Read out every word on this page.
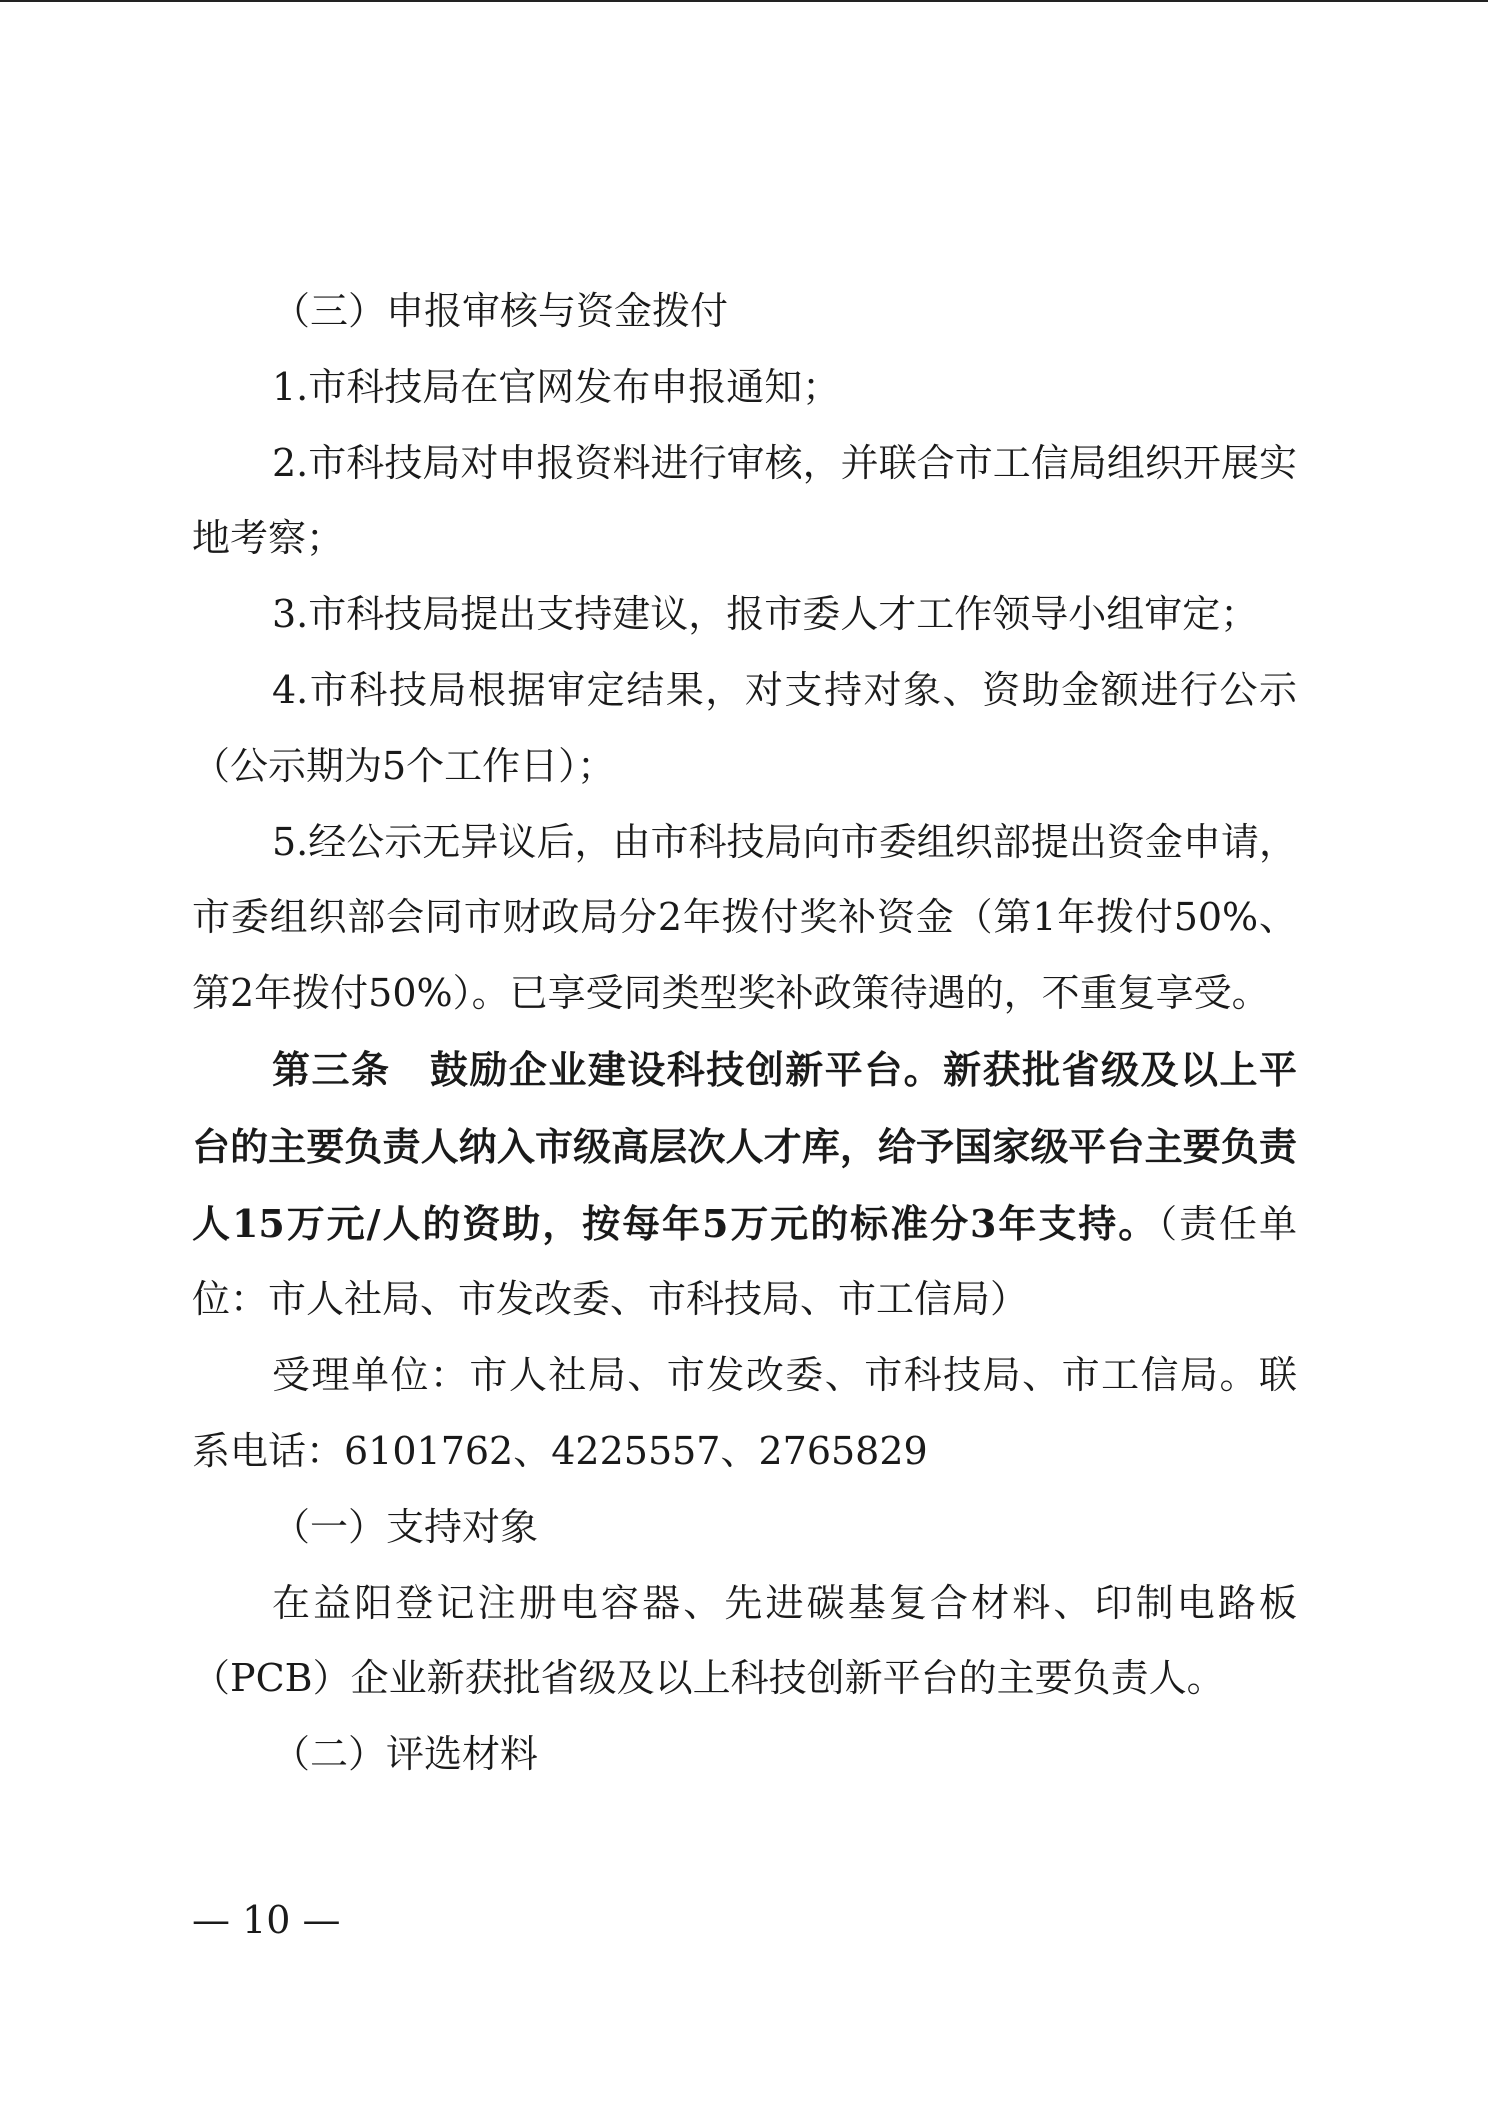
（三）申报审核与资金拨付

1.市科技局在官网发布申报通知；

2.市科技局对申报资料进行审核，并联合市工信局组织开展实地考察；

3.市科技局提出支持建议，报市委人才工作领导小组审定；

4.市科技局根据审定结果，对支持对象、资助金额进行公示（公示期为5个工作日）；

5.经公示无异议后，由市科技局向市委组织部提出资金申请，市委组织部会同市财政局分2年拨付奖补资金（第1年拨付50%、第2年拨付50%）。已享受同类型奖补政策待遇的，不重复享受。

第三条　鼓励企业建设科技创新平台。新获批省级及以上平台的主要负责人纳入市级高层次人才库，给予国家级平台主要负责人15万元/人的资助，按每年5万元的标准分3年支持。（责任单位：市人社局、市发改委、市科技局、市工信局）

受理单位：市人社局、市发改委、市科技局、市工信局。联系电话：6101762、4225557、2765829

（一）支持对象

在益阳登记注册电容器、先进碳基复合材料、印制电路板（PCB）企业新获批省级及以上科技创新平台的主要负责人。

（二）评选材料

— 10 —
